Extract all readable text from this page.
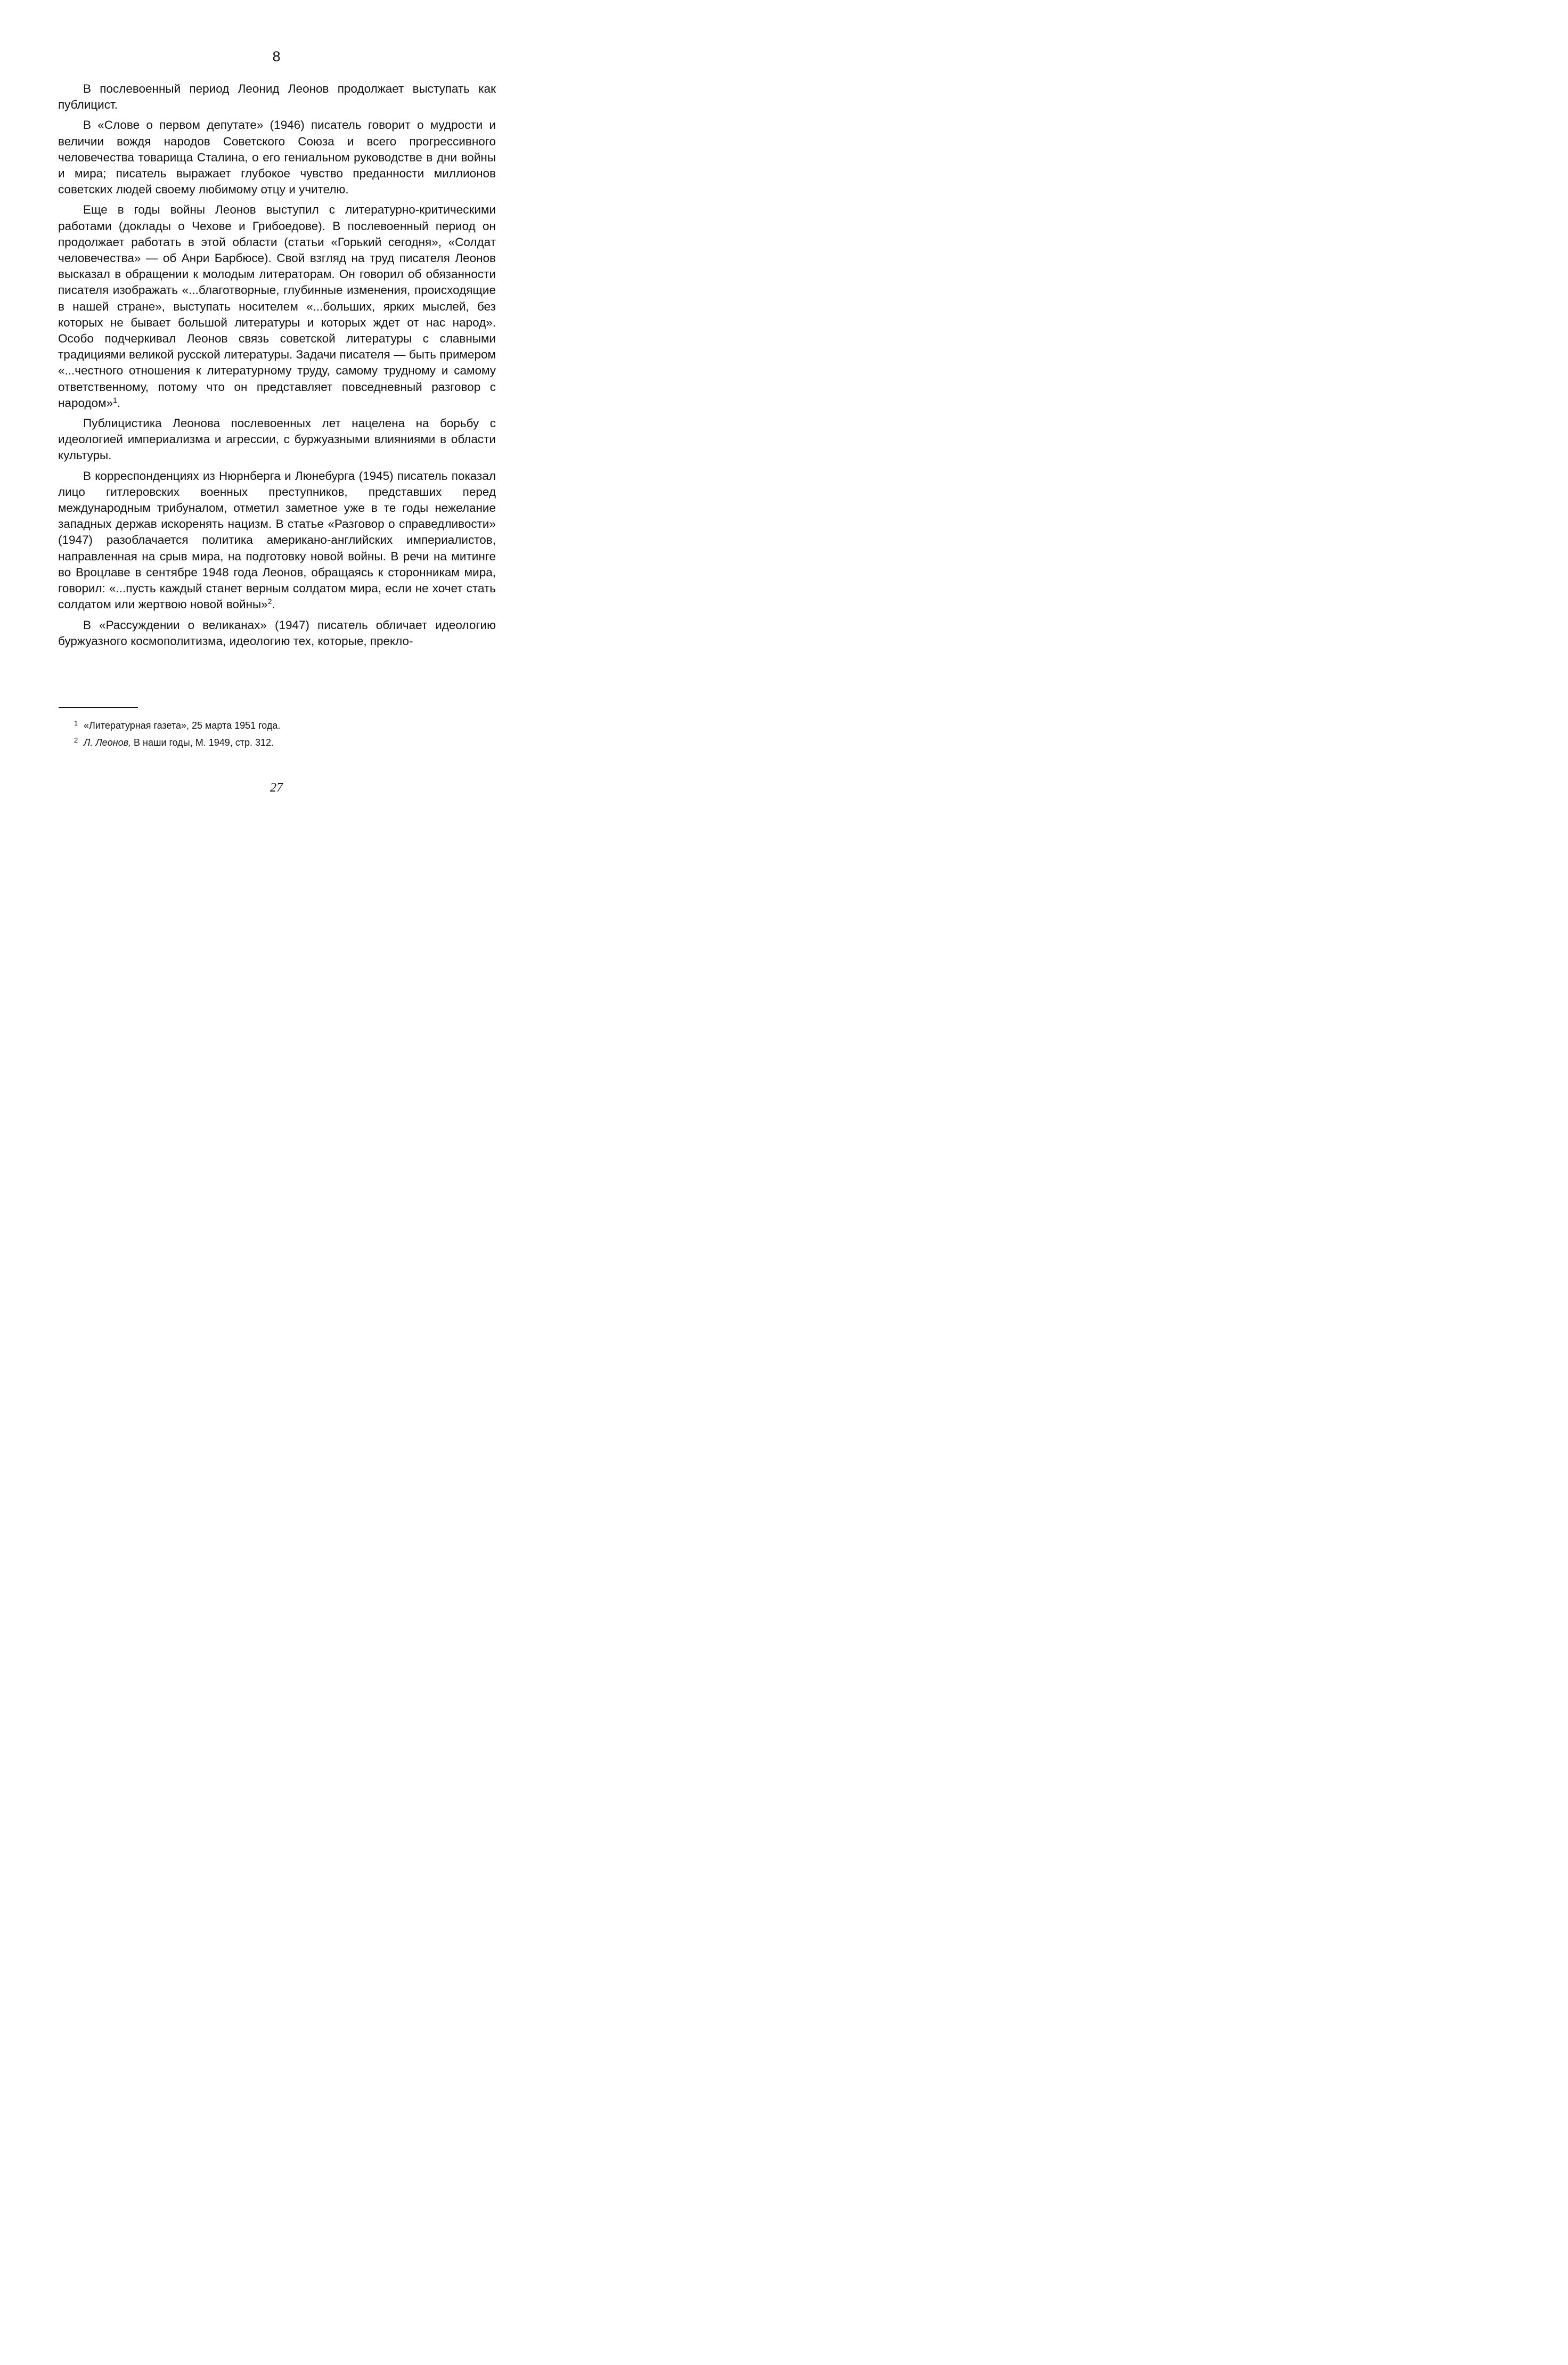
8

В послевоенный период Леонид Леонов продолжает выступать как публицист.

В «Слове о первом депутате» (1946) писатель говорит о мудрости и величии вождя народов Советского Союза и всего прогрессивного человечества товарища Сталина, о его гениальном руководстве в дни войны и мира; писатель выражает глубокое чувство преданности миллионов советских людей своему любимому отцу и учителю.

Еще в годы войны Леонов выступил с литературно-критическими работами (доклады о Чехове и Грибоедове). В послевоенный период он продолжает работать в этой области (статьи «Горький сегодня», «Солдат человечества» — об Анри Барбюсе). Свой взгляд на труд писателя Леонов высказал в обращении к молодым литераторам. Он говорил об обязанности писателя изображать «...благотворные, глубинные изменения, происходящие в нашей стране», выступать носителем «...больших, ярких мыслей, без которых не бывает большой литературы и которых ждет от нас народ». Особо подчеркивал Леонов связь советской литературы с славными традициями великой русской литературы. Задачи писателя — быть примером «...честного отношения к литературному труду, самому трудному и самому ответственному, потому что он представляет повседневный разговор с народом»$^1$.

Публицистика Леонова послевоенных лет нацелена на борьбу с идеологией империализма и агрессии, с буржуазными влияниями в области культуры.

В корреспонденциях из Нюрнберга и Люнебурга (1945) писатель показал лицо гитлеровских военных преступников, представших перед международным трибуналом, отметил заметное уже в те годы нежелание западных держав искоренять нацизм. В статье «Разговор о справедливости» (1947) разоблачается политика американо-английских империалистов, направленная на срыв мира, на подготовку новой войны. В речи на митинге во Вроцлаве в сентябре 1948 года Леонов, обращаясь к сторонникам мира, говорил: «...пусть каждый станет верным солдатом мира, если не хочет стать солдатом или жертвою новой войны»$^2$.

В «Рассуждении о великанах» (1947) писатель обличает идеологию буржуазного космополитизма, идеологию тех, которые, прекло-

1 «Литературная газета», 25 марта 1951 года.
2 Л. Леонов, В наши годы, М. 1949, стр. 312.
27
